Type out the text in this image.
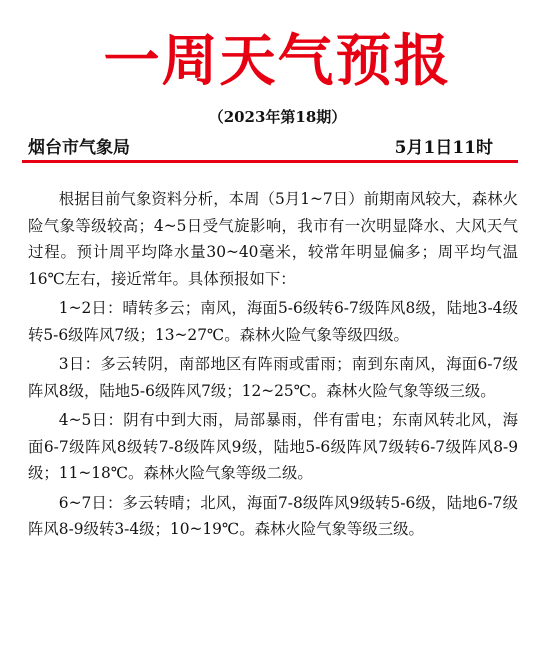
一周天气预报
（2023年第18期）
烟台市气象局	5月1日11时

根据目前气象资料分析，本周（5月1~7日）前期南风较大，森林火险气象等级较高；4~5日受气旋影响，我市有一次明显降水、大风天气过程。预计周平均降水量30~40毫米，较常年明显偏多；周平均气温16℃左右，接近常年。具体预报如下：

1~2日：晴转多云；南风，海面5-6级转6-7级阵风8级，陆地3-4级转5-6级阵风7级；13~27℃。森林火险气象等级四级。

3日：多云转阴，南部地区有阵雨或雷雨；南到东南风，海面6-7级阵风8级，陆地5-6级阵风7级；12~25℃。森林火险气象等级三级。

4~5日：阴有中到大雨，局部暴雨，伴有雷电；东南风转北风，海面6-7级阵风8级转7-8级阵风9级，陆地5-6级阵风7级转6-7级阵风8-9级；11~18℃。森林火险气象等级二级。

6~7日：多云转晴；北风，海面7-8级阵风9级转5-6级，陆地6-7级阵风8-9级转3-4级；10~19℃。森林火险气象等级三级。
